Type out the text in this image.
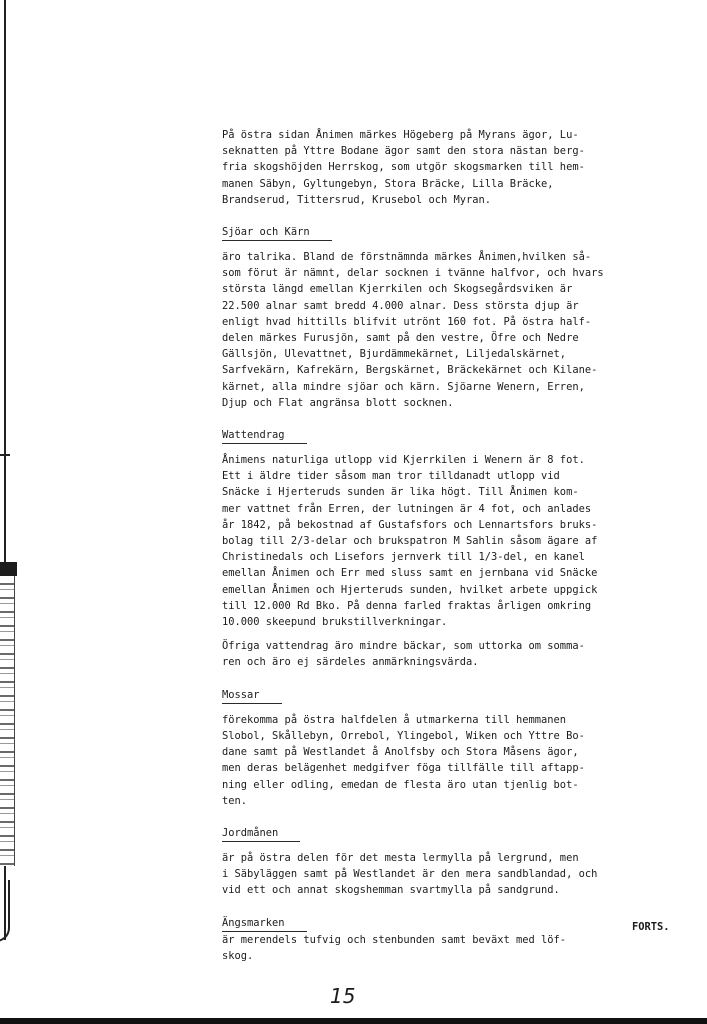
På östra sidan Ånimen märkes Högeberg på Myrans ägor, Lu-
seknatten på Yttre Bodane ägor samt den stora nästan berg-
fria skogshöjden Herrskog, som utgör skogsmarken till hem-
manen Säbyn, Gyltungebyn, Stora Bräcke, Lilla Bräcke,
Brandserud, Tittersrud, Krusebol och Myran.
Sjöar och Kärn
äro talrika. Bland de förstnämnda märkes Ånimen,hvilken så-
som förut är nämnt, delar socknen i tvänne halfvor, och hvars
största längd emellan Kjerrkilen och Skogsegårdsviken är
22.500 alnar samt bredd 4.000 alnar. Dess största djup är
enligt hvad hittills blifvit utrönt 160 fot. På östra half-
delen märkes Furusjön, samt på den vestre, Öfre och Nedre
Gällsjön, Ulevattnet, Bjurdämmekärnet, Liljedalskärnet,
Sarfvekärn, Kafrekärn, Bergskärnet, Bräckekärnet och Kilane-
kärnet, alla mindre sjöar och kärn. Sjöarne Wenern, Erren,
Djup och Flat angränsa blott socknen.
Wattendrag
Ånimens naturliga utlopp vid Kjerrkilen i Wenern är 8 fot.
Ett i äldre tider såsom man tror tilldanadt utlopp vid
Snäcke i Hjerteruds sunden är lika högt. Till Ånimen kom-
mer vattnet från Erren, der lutningen är 4 fot, och anlades
år 1842, på bekostnad af Gustafsfors och Lennartsfors bruks-
bolag till 2/3-delar och brukspatron M Sahlin såsom ägare af
Christinedals och Lisefors jernverk till 1/3-del, en kanel
emellan Ånimen och Err med sluss samt en jernbana vid Snäcke
emellan Ånimen och Hjerteruds sunden, hvilket arbete uppgick
till 12.000 Rd Bko. På denna farled fraktas årligen omkring
10.000 skeepund brukstillverkningar.
Öfriga vattendrag äro mindre bäckar, som uttorka om somma-
ren och äro ej särdeles anmärkningsvärda.
Mossar
förekomma på östra halfdelen å utmarkerna till hemmanen
Slobol, Skållebyn, Orrebol, Ylingebol, Wiken och Yttre Bo-
dane samt på Westlandet å Anolfsby och Stora Måsens ägor,
men deras belägenhet medgifver föga tillfälle till aftapp-
ning eller odling, emedan de flesta äro utan tjenlig bot-
ten.
Jordmånen
är på östra delen för det mesta lermylla på lergrund, men
i Säbyläggen samt på Westlandet är den mera sandblandad, och
vid ett och annat skogshemman svartmylla på sandgrund.
Ängsmarken
är merendels tufvig och stenbunden samt beväxt med löf-
skog.
FORTS.
15
